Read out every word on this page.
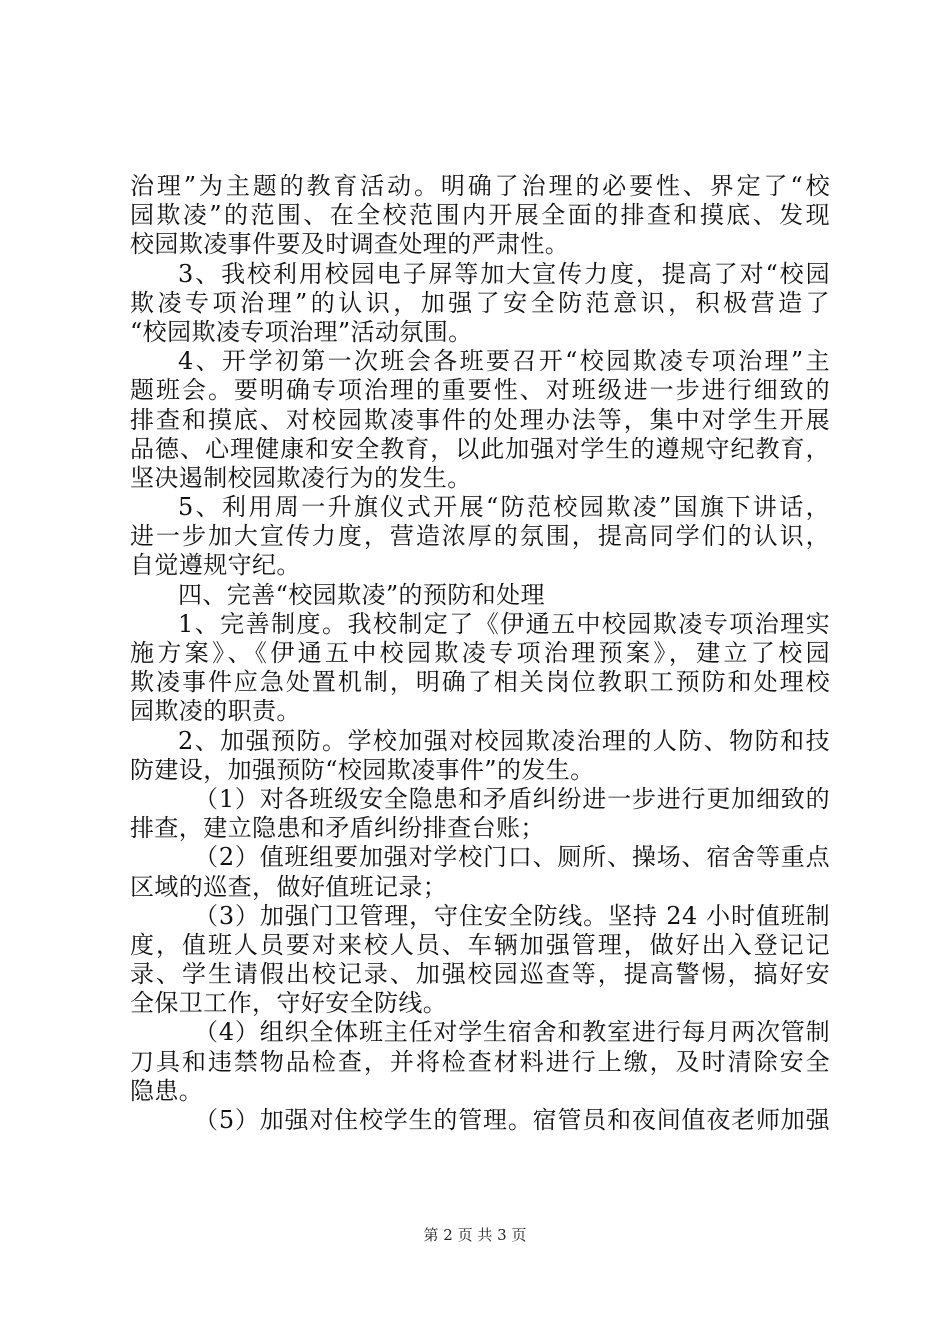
治理”为主题的教育活动。明确了治理的必要性、界定了“校
园欺凌”的范围、在全校范围内开展全面的排查和摸底、发现
校园欺凌事件要及时调查处理的严肃性。
3、我校利用校园电子屏等加大宣传力度，提高了对“校园
欺凌专项治理”的认识，加强了安全防范意识，积极营造了
“校园欺凌专项治理”活动氛围。
4、开学初第一次班会各班要召开“校园欺凌专项治理”主
题班会。要明确专项治理的重要性、对班级进一步进行细致的
排查和摸底、对校园欺凌事件的处理办法等，集中对学生开展
品德、心理健康和安全教育，以此加强对学生的遵规守纪教育，
坚决遏制校园欺凌行为的发生。
5、利用周一升旗仪式开展“防范校园欺凌”国旗下讲话，
进一步加大宣传力度，营造浓厚的氛围，提高同学们的认识，
自觉遵规守纪。
四、完善“校园欺凌”的预防和处理
1、完善制度。我校制定了《伊通五中校园欺凌专项治理实
施方案》、《伊通五中校园欺凌专项治理预案》，建立了校园
欺凌事件应急处置机制，明确了相关岗位教职工预防和处理校
园欺凌的职责。
2、加强预防。学校加强对校园欺凌治理的人防、物防和技
防建设，加强预防“校园欺凌事件”的发生。
（1）对各班级安全隐患和矛盾纠纷进一步进行更加细致的
排查，建立隐患和矛盾纠纷排查台账；
（2）值班组要加强对学校门口、厕所、操场、宿舍等重点
区域的巡查，做好值班记录；
（3）加强门卫管理，守住安全防线。坚持 24 小时值班制
度，值班人员要对来校人员、车辆加强管理，做好出入登记记
录、学生请假出校记录、加强校园巡查等，提高警惕，搞好安
全保卫工作，守好安全防线。
（4）组织全体班主任对学生宿舍和教室进行每月两次管制
刀具和违禁物品检查，并将检查材料进行上缴，及时清除安全
隐患。
（5）加强对住校学生的管理。宿管员和夜间值夜老师加强
第 2 页 共 3 页
